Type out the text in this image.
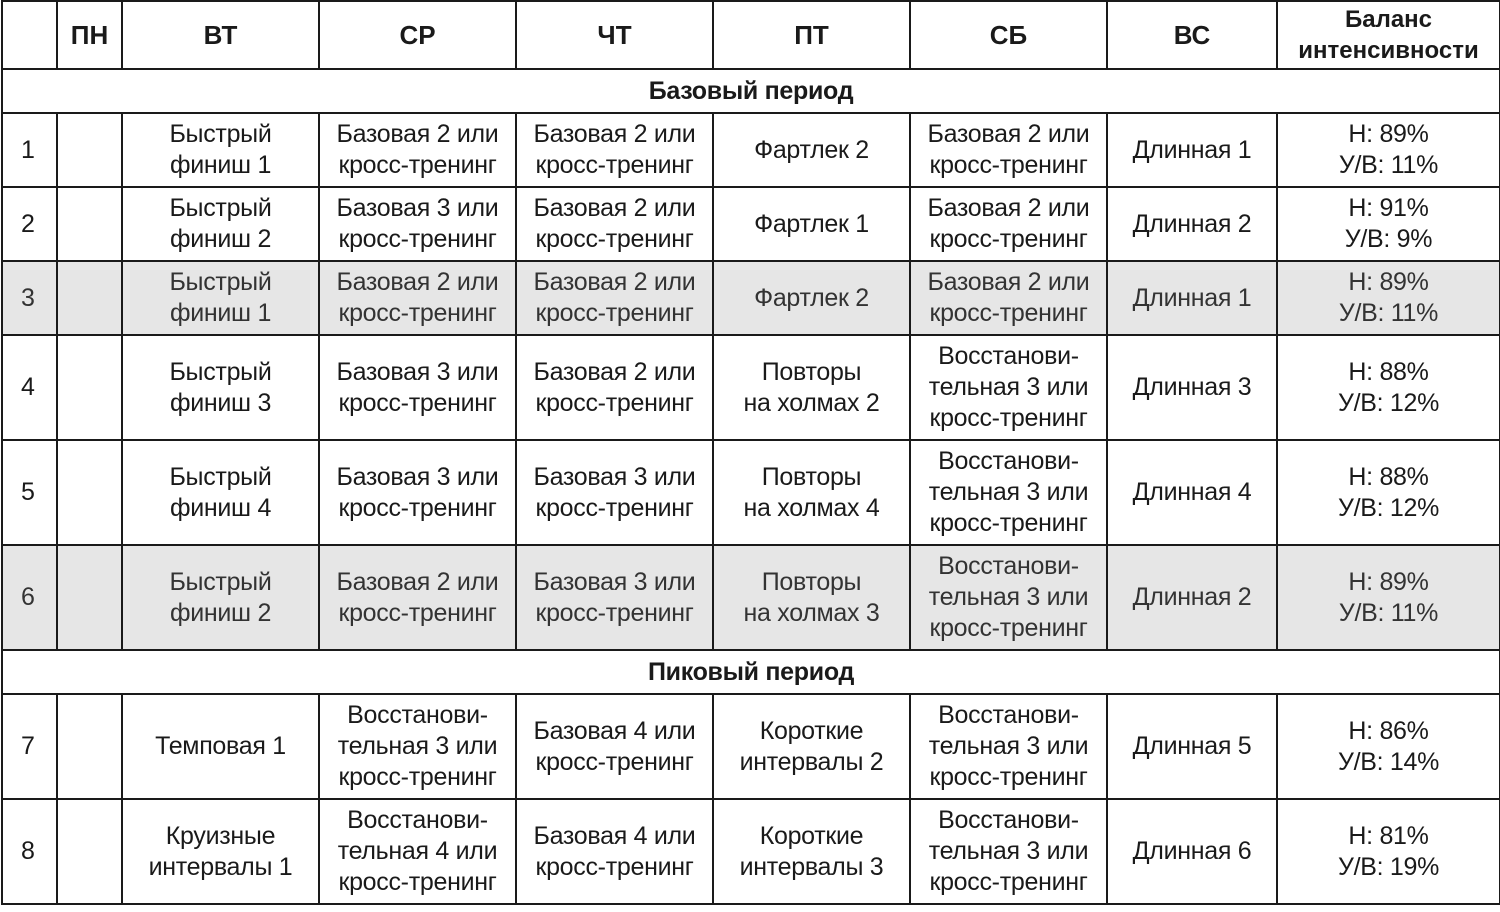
	ПН	ВТ	СР	ЧТ	ПТ	СБ	ВС	Баланс
интенсивности
Базовый период								
1		Быстрый
финиш 1	Базовая 2 или
кросс-тренинг	Базовая 2 или
кросс-тренинг	Фартлек 2	Базовая 2 или
кросс-тренинг	Длинная 1	Н: 89%
У/В: 11%
2		Быстрый
финиш 2	Базовая 3 или
кросс-тренинг	Базовая 2 или
кросс-тренинг	Фартлек 1	Базовая 2 или
кросс-тренинг	Длинная 2	Н: 91%
У/В: 9%
3		Быстрый
финиш 1	Базовая 2 или
кросс-тренинг	Базовая 2 или
кросс-тренинг	Фартлек 2	Базовая 2 или
кросс-тренинг	Длинная 1	Н: 89%
У/В: 11%
4		Быстрый
финиш 3	Базовая 3 или
кросс-тренинг	Базовая 2 или
кросс-тренинг	Повторы
на холмах 2	Восстанови-
тельная 3 или
кросс-тренинг	Длинная 3	Н: 88%
У/В: 12%
5		Быстрый
финиш 4	Базовая 3 или
кросс-тренинг	Базовая 3 или
кросс-тренинг	Повторы
на холмах 4	Восстанови-
тельная 3 или
кросс-тренинг	Длинная 4	Н: 88%
У/В: 12%
6		Быстрый
финиш 2	Базовая 2 или
кросс-тренинг	Базовая 3 или
кросс-тренинг	Повторы
на холмах 3	Восстанови-
тельная 3 или
кросс-тренинг	Длинная 2	Н: 89%
У/В: 11%
Пиковый период								
7		Темповая 1	Восстанови-
тельная 3 или
кросс-тренинг	Базовая 4 или
кросс-тренинг	Короткие
интервалы 2	Восстанови-
тельная 3 или
кросс-тренинг	Длинная 5	Н: 86%
У/В: 14%
8		Круизные
интервалы 1	Восстанови-
тельная 4 или
кросс-тренинг	Базовая 4 или
кросс-тренинг	Короткие
интервалы 3	Восстанови-
тельная 3 или
кросс-тренинг	Длинная 6	Н: 81%
У/В: 19%
